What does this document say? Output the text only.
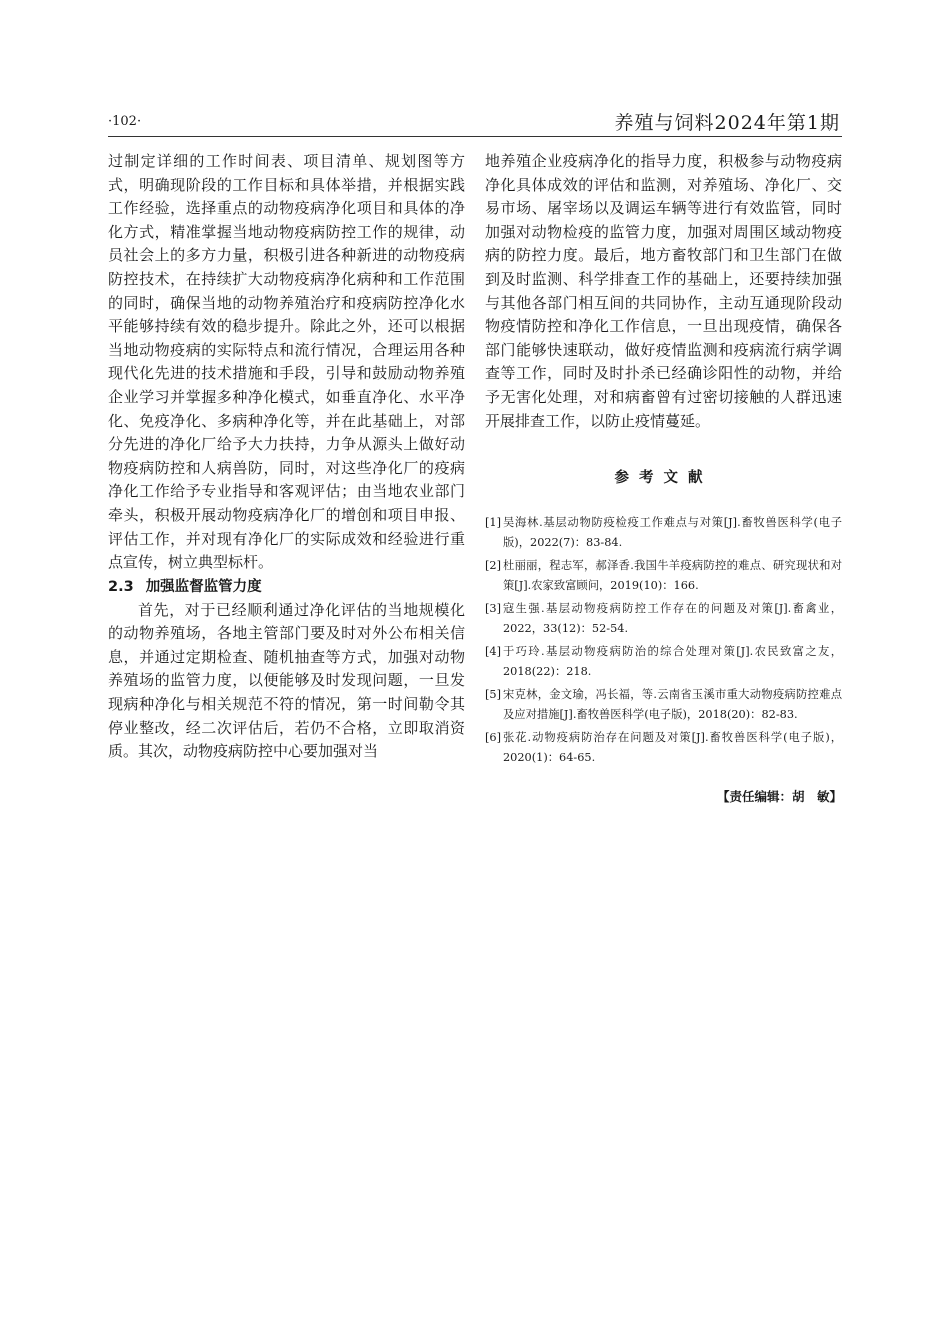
·102·	养殖与饲料2024年第1期

过制定详细的工作时间表、项目清单、规划图等方式，明确现阶段的工作目标和具体举措，并根据实践工作经验，选择重点的动物疫病净化项目和具体的净化方式，精准掌握当地动物疫病防控工作的规律，动员社会上的多方力量，积极引进各种新进的动物疫病防控技术，在持续扩大动物疫病净化病种和工作范围的同时，确保当地的动物养殖治疗和疫病防控净化水平能够持续有效的稳步提升。除此之外，还可以根据当地动物疫病的实际特点和流行情况，合理运用各种现代化先进的技术措施和手段，引导和鼓励动物养殖企业学习并掌握多种净化模式，如垂直净化、水平净化、免疫净化、多病种净化等，并在此基础上，对部分先进的净化厂给予大力扶持，力争从源头上做好动物疫病防控和人病兽防，同时，对这些净化厂的疫病净化工作给予专业指导和客观评估；由当地农业部门牵头，积极开展动物疫病净化厂的增创和项目申报、评估工作，并对现有净化厂的实际成效和经验进行重点宣传，树立典型标杆。

2.3 加强监督监管力度

首先，对于已经顺利通过净化评估的当地规模化的动物养殖场，各地主管部门要及时对外公布相关信息，并通过定期检查、随机抽查等方式，加强对动物养殖场的监管力度，以便能够及时发现问题，一旦发现病种净化与相关规范不符的情况，第一时间勒令其停业整改，经二次评估后，若仍不合格，立即取消资质。其次，动物疫病防控中心要加强对当

地养殖企业疫病净化的指导力度，积极参与动物疫病净化具体成效的评估和监测，对养殖场、净化厂、交易市场、屠宰场以及调运车辆等进行有效监管，同时加强对动物检疫的监管力度，加强对周围区域动物疫病的防控力度。最后，地方畜牧部门和卫生部门在做到及时监测、科学排查工作的基础上，还要持续加强与其他各部门相互间的共同协作，主动互通现阶段动物疫情防控和净化工作信息，一旦出现疫情，确保各部门能够快速联动，做好疫情监测和疫病流行病学调查等工作，同时及时扑杀已经确诊阳性的动物，并给予无害化处理，对和病畜曾有过密切接触的人群迅速开展排查工作，以防止疫情蔓延。

参考文献
[1] 吴海林.基层动物防疫检疫工作难点与对策[J].畜牧兽医科学(电子版)，2022(7)：83-84.
[2] 杜丽丽，程志军，郝泽香.我国牛羊疫病防控的难点、研究现状和对策[J].农家致富顾问，2019(10)：166.
[3] 寇生强.基层动物疫病防控工作存在的问题及对策[J].畜禽业，2022，33(12)：52-54.
[4] 于巧玲.基层动物疫病防治的综合处理对策[J].农民致富之友，2018(22)：218.
[5] 宋克林，金文瑜，冯长福，等.云南省玉溪市重大动物疫病防控难点及应对措施[J].畜牧兽医科学(电子版)，2018(20)：82-83.
[6] 张花.动物疫病防治存在问题及对策[J].畜牧兽医科学(电子版)，2020(1)：64-65.
【责任编辑：胡　敏】
